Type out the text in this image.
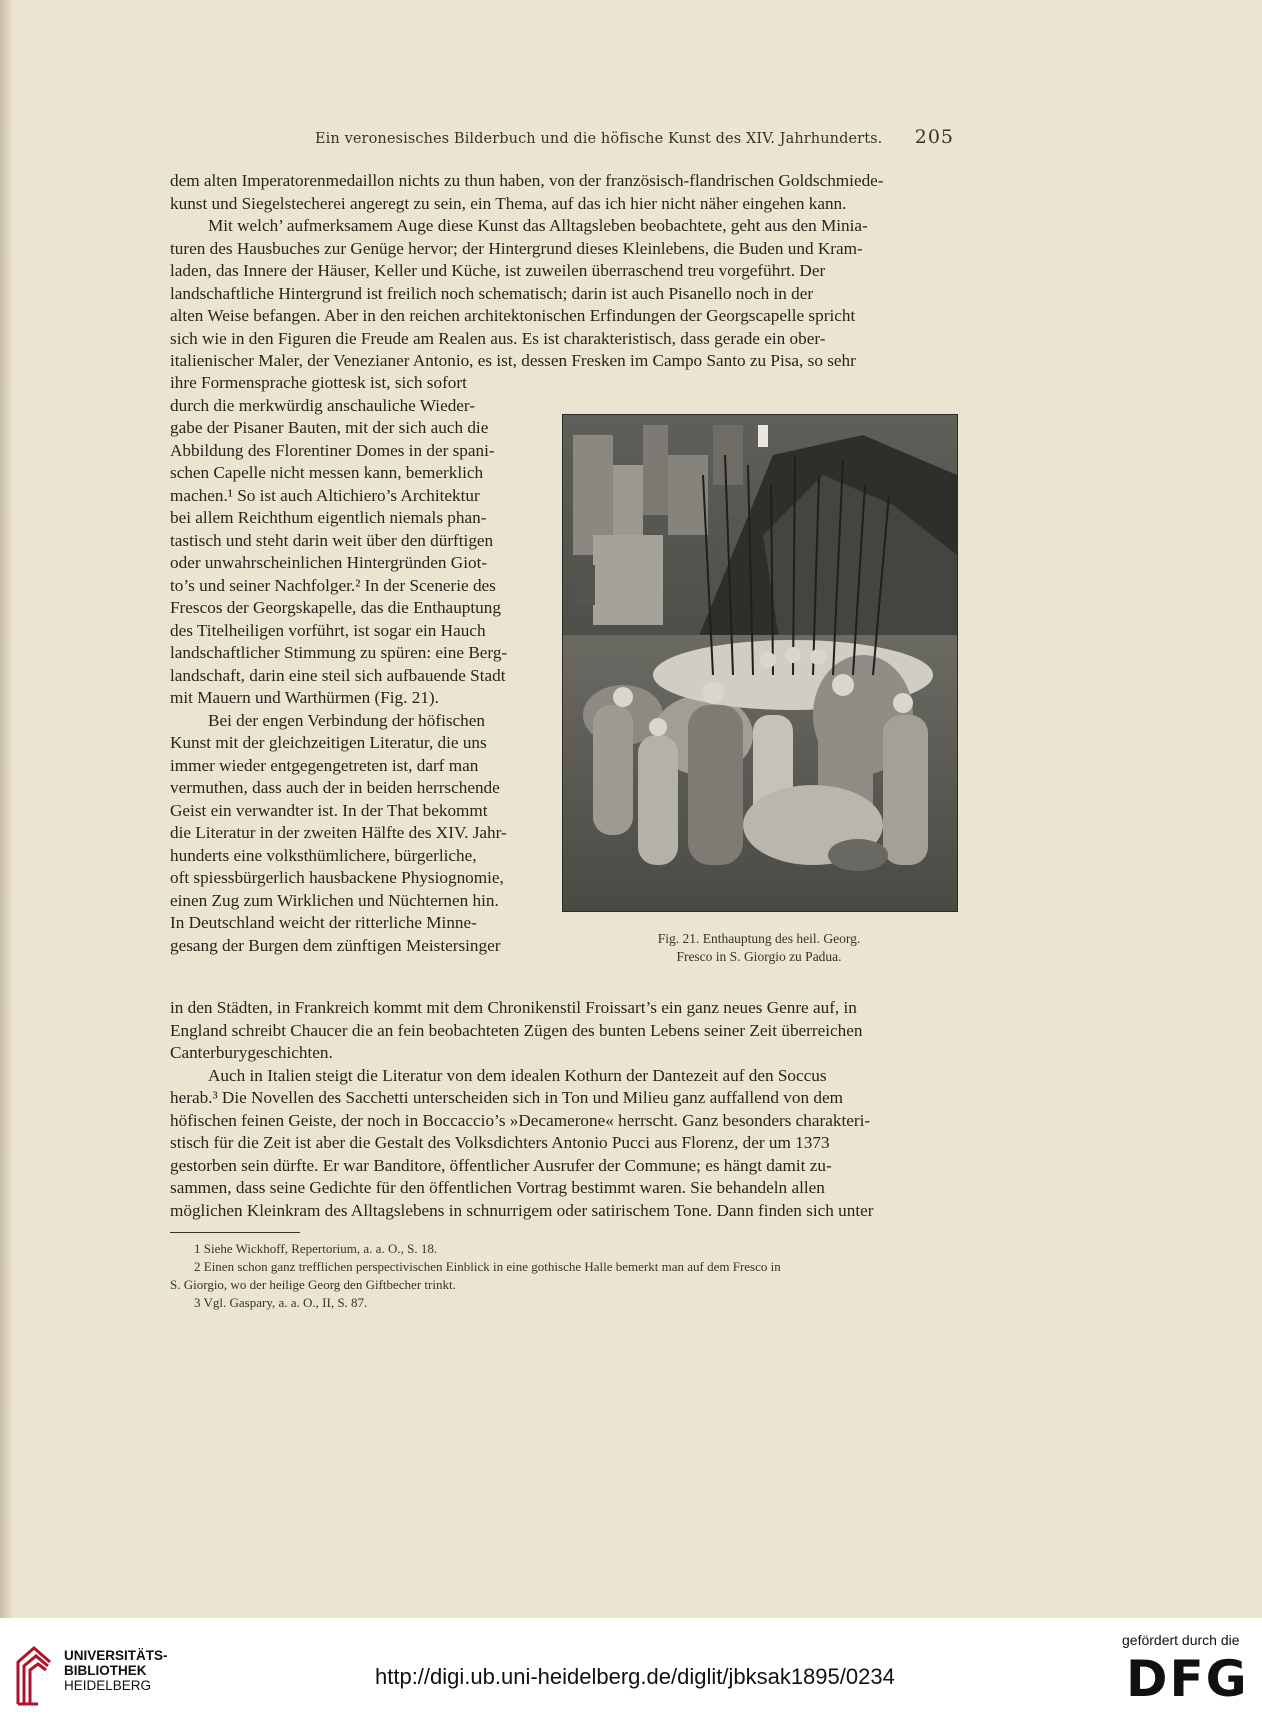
Ein veronesisches Bilderbuch und die höfische Kunst des XIV. Jahrhunderts. 205

dem alten Imperatorenmedaillon nichts zu thun haben, von der französisch-flandrischen Goldschmiede-

kunst und Siegelstecherei angeregt zu sein, ein Thema, auf das ich hier nicht näher eingehen kann.

Mit welch’ aufmerksamem Auge diese Kunst das Alltagsleben beobachtete, geht aus den Minia-

turen des Hausbuches zur Genüge hervor; der Hintergrund dieses Kleinlebens, die Buden und Kram-

laden, das Innere der Häuser, Keller und Küche, ist zuweilen überraschend treu vorgeführt. Der

landschaftliche Hintergrund ist freilich noch schematisch; darin ist auch Pisanello noch in der

alten Weise befangen. Aber in den reichen architektonischen Erfindungen der Georgscapelle spricht

sich wie in den Figuren die Freude am Realen aus. Es ist charakteristisch, dass gerade ein ober-

italienischer Maler, der Venezianer Antonio, es ist, dessen Fresken im Campo Santo zu Pisa, so sehr

ihre Formensprache giottesk ist, sich sofort

durch die merkwürdig anschauliche Wieder-

gabe der Pisaner Bauten, mit der sich auch die

Abbildung des Florentiner Domes in der spani-

schen Capelle nicht messen kann, bemerklich

machen.¹ So ist auch Altichiero’s Architektur

bei allem Reichthum eigentlich niemals phan-

tastisch und steht darin weit über den dürftigen

oder unwahrscheinlichen Hintergründen Giot-

to’s und seiner Nachfolger.² In der Scenerie des

Frescos der Georgskapelle, das die Enthauptung

des Titelheiligen vorführt, ist sogar ein Hauch

landschaftlicher Stimmung zu spüren: eine Berg-

landschaft, darin eine steil sich aufbauende Stadt

mit Mauern und Warthürmen (Fig. 21).

Bei der engen Verbindung der höfischen

Kunst mit der gleichzeitigen Literatur, die uns

immer wieder entgegengetreten ist, darf man

vermuthen, dass auch der in beiden herrschende

Geist ein verwandter ist. In der That bekommt

die Literatur in der zweiten Hälfte des XIV. Jahr-

hunderts eine volksthümlichere, bürgerliche,

oft spiessbürgerlich hausbackene Physiognomie,

einen Zug zum Wirklichen und Nüchternen hin.

In Deutschland weicht der ritterliche Minne-

gesang der Burgen dem zünftigen Meistersinger	Fig. 21. Enthauptung des heil. Georg.
Fresco in S. Giorgio zu Padua.

in den Städten, in Frankreich kommt mit dem Chronikenstil Froissart’s ein ganz neues Genre auf, in

England schreibt Chaucer die an fein beobachteten Zügen des bunten Lebens seiner Zeit überreichen

Canterburygeschichten.

Auch in Italien steigt die Literatur von dem idealen Kothurn der Dantezeit auf den Soccus

herab.³ Die Novellen des Sacchetti unterscheiden sich in Ton und Milieu ganz auffallend von dem

höfischen feinen Geiste, der noch in Boccaccio’s »Decamerone« herrscht. Ganz besonders charakteri-

stisch für die Zeit ist aber die Gestalt des Volksdichters Antonio Pucci aus Florenz, der um 1373

gestorben sein dürfte. Er war Banditore, öffentlicher Ausrufer der Commune; es hängt damit zu-

sammen, dass seine Gedichte für den öffentlichen Vortrag bestimmt waren. Sie behandeln allen

möglichen Kleinkram des Alltagslebens in schnurrigem oder satirischem Tone. Dann finden sich unter

1 Siehe Wickhoff, Repertorium, a. a. O., S. 18.

2 Einen schon ganz trefflichen perspectivischen Einblick in eine gothische Halle bemerkt man auf dem Fresco in

S. Giorgio, wo der heilige Georg den Giftbecher trinkt.

3 Vgl. Gaspary, a. a. O., II, S. 87.

UNIVERSITÄTS-
BIBLIOTHEK
HEIDELBERG	http://digi.ub.uni-heidelberg.de/diglit/jbksak1895/0234
gefördert durch die
DFG
